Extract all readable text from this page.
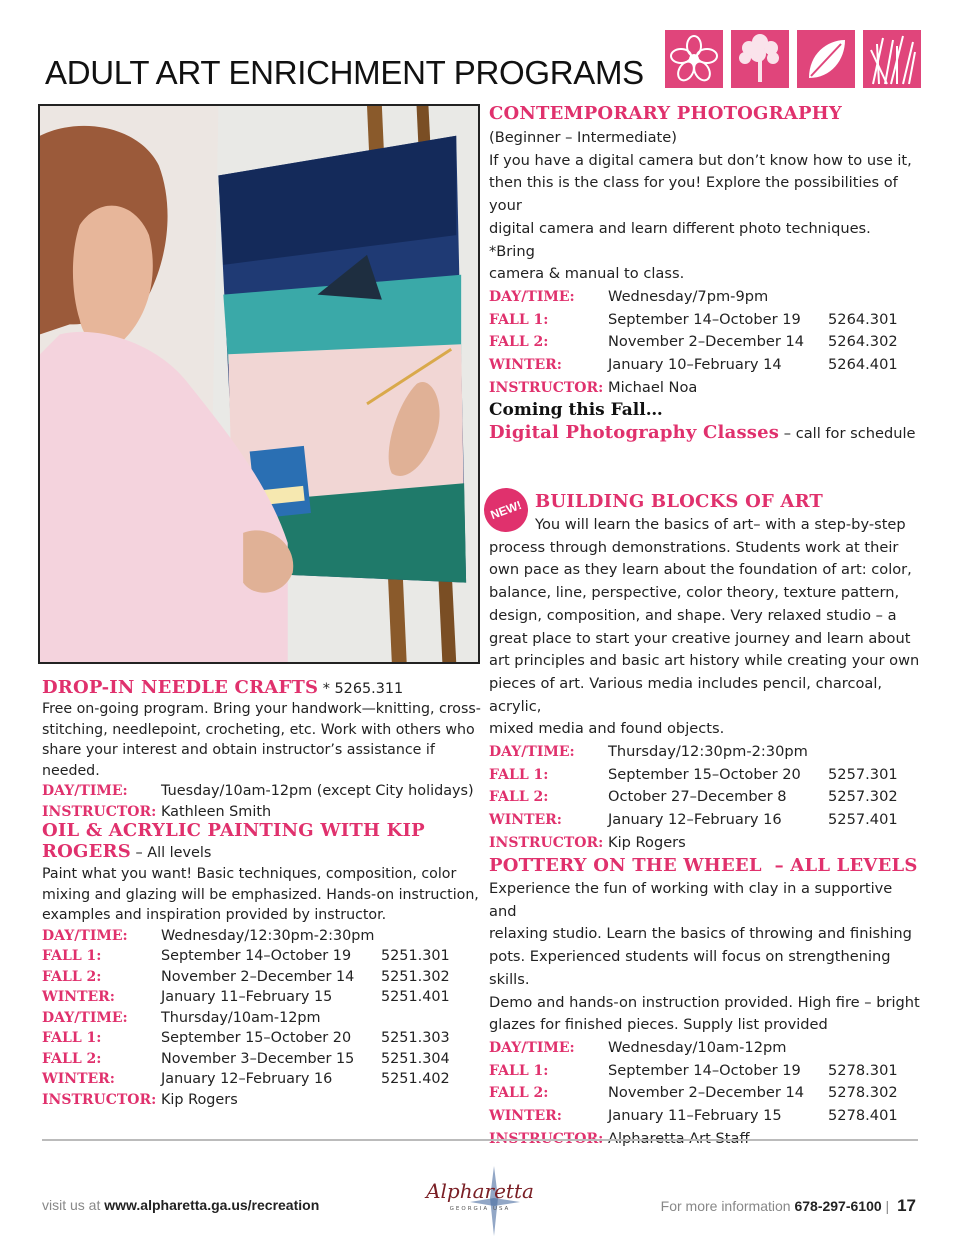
ADULT ART ENRICHMENT PROGRAMS
CONTEMPORARY PHOTOGRAPHY
(Beginner – Intermediate)
If you have a digital camera but don’t know how to use it,
then this is the class for you! Explore the possibilities of your
digital camera and learn different photo techniques. *Bring
camera & manual to class.
DAY/TIME:	Wednesday/7pm-9pm
FALL 1:	September 14–October 19	5264.301
FALL 2:	November 2–December 14	5264.302
WINTER:	January 10–February 14	5264.401
INSTRUCTOR: Michael Noa
Coming this Fall…
Digital Photography Classes – call for schedule
NEW! BUILDING BLOCKS OF ART
You will learn the basics of art– with a step-by-step
process through demonstrations. Students work at their
own pace as they learn about the foundation of art: color,
balance, line, perspective, color theory, texture pattern,
design, composition, and shape. Very relaxed studio – a
great place to start your creative journey and learn about
art principles and basic art history while creating your own
pieces of art. Various media includes pencil, charcoal, acrylic,
mixed media and found objects.
DAY/TIME:	Thursday/12:30pm-2:30pm
FALL 1:	September 15–October 20	5257.301
FALL 2:	October 27–December 8	5257.302
WINTER:	January 12–February 16	5257.401
INSTRUCTOR: Kip Rogers
POTTERY ON THE WHEEL  – ALL LEVELS
Experience the fun of working with clay in a supportive and
relaxing studio. Learn the basics of throwing and finishing
pots. Experienced students will focus on strengthening skills.
Demo and hands-on instruction provided. High fire – bright
glazes for finished pieces. Supply list provided
DAY/TIME:	Wednesday/10am-12pm
FALL 1:	September 14–October 19	5278.301
FALL 2:	November 2–December 14	5278.302
WINTER:	January 11–February 15	5278.401
DROP-IN NEEDLE CRAFTS * 5265.311
Free on-going program. Bring your handwork—knitting, cross-
stitching, needlepoint, crocheting, etc. Work with others who
share your interest and obtain instructor’s assistance if needed.
DAY/TIME:	Tuesday/10am-12pm (except City holidays)
INSTRUCTOR: Kathleen Smith
OIL & ACRYLIC PAINTING WITH KIP
ROGERS – All levels
Paint what you want! Basic techniques, composition, color
mixing and glazing will be emphasized. Hands-on instruction,
examples and inspiration provided by instructor.
DAY/TIME:	Wednesday/12:30pm-2:30pm
FALL 1:	September 14–October 19	5251.301
FALL 2:	November 2–December 14	5251.302
WINTER:	January 11–February 15	5251.401
DAY/TIME:	Thursday/10am-12pm
FALL 1:	September 15–October 20	5251.303
FALL 2:	November 3–December 15	5251.304
WINTER:	January 12–February 16	5251.402
INSTRUCTOR: Kip Rogers
visit us at www.alpharetta.ga.us/recreation
Alpharetta
GEORGIA USA	For more information 678-297-6100 | 17
